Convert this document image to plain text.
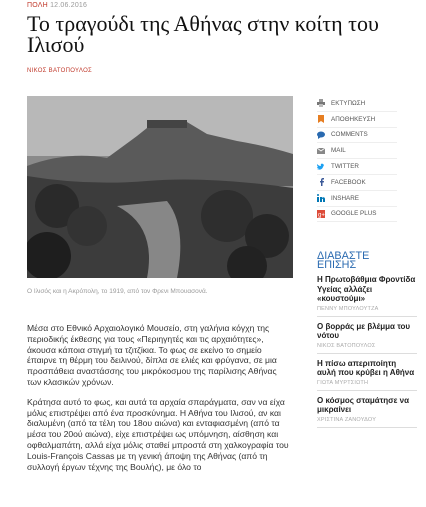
ΠΟΛΗ 12.06.2016
Το τραγούδι της Αθήνας στην κοίτη του Ιλισού
ΝΙΚΟΣ ΒΑΤΟΠΟΥΛΟΣ
Ο Ιλισός και η Ακρόπολη, το 1919, από τον Φρενι Μπουασονά.

Μέσα στο Εθνικό Αρχαιολογικό Μουσείο, στη γαλήνια κόγχη της περιοδικής έκθεσης για τους «Περιηγητές και τις αρχαιότητες», άκουσα κάποια στιγμή τα τζιτζίκια. Το φως σε εκείνο το σημείο έπαιρνε τη θέρμη του δειλινού, δίπλα σε ελιές και φρύγανα, σε μια προσπάθεια αναστάσσης του μικρόκοσμου της παρίλισης Αθήνας των κλασικών χρόνων.

Κράτησα αυτό το φως, και αυτά τα αρχαία σπαράγματα, σαν να είχα μόλις επιστρέψει από ένα προσκύνημα. Η Αθήνα του Ιλισού, αν και διαλυμένη (από τα τέλη του 18ου αιώνα) και ενταφιασμένη (από τα μέσα του 20ού αιώνα), είχε επιστρέψει ως υπόμνηση, αίσθηση και οφθαλμαπάτη, αλλά είχα μόλις σταθεί μπροστά στη χαλκογραφία του Louis-François Cassas με τη γενική άποψη της Αθήνας (από τη συλλογή έργων τέχνης της Βουλής), με όλο το

ΕΚΤΥΠΩΣΗ
ΑΠΟΘΗΚΕΥΣΗ
COMMENTS
MAIL
TWITTER
FACEBOOK
INSHARE
g+ GOOGLE PLUS
ΔΙΑΒΑΣΤΕ
ΕΠΙΣΗΣ
Η Πρωτοβάθμια Φροντίδα Υγείας αλλάζει «κουστούμι»
ΠΕΝΝΥ ΜΠΟΥΛΟΥΤΖΑ
Ο βορράς με βλέμμα του νότου
ΝΙΚΟΣ ΒΑΤΟΠΟΥΛΟΣ
Η πίσω απεριποίητη αυλή που κρύβει η Αθήνα
ΓΙΩΤΑ ΜΥΡΤΣΙΩΤΗ
Ο κόσμος σταμάτησε να μικραίνει
ΧΡΙΣΤΙΝΑ ΖΑΝΟΥΔΟΥ
